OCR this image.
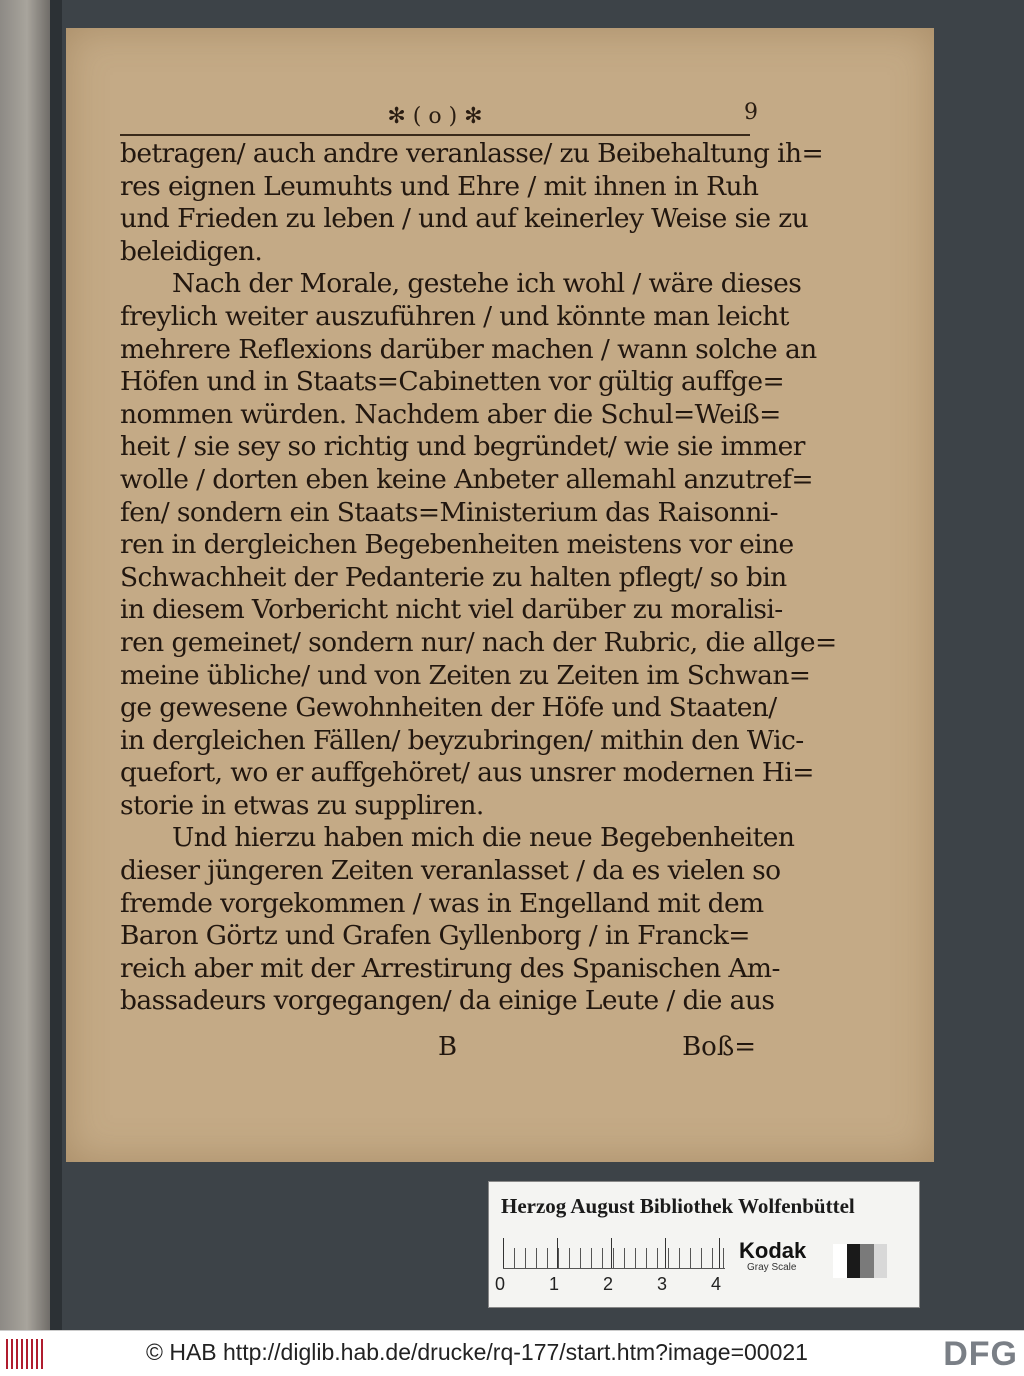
✻ ( o ) ✻	9
betragen/ auch andre veranlasse/ zu Beibehaltung ih=
res eignen Leumuhts und Ehre / mit ihnen in Ruh
und Frieden zu leben / und auf keinerley Weise sie zu
beleidigen.
Nach der Morale, gestehe ich wohl / wäre dieses
freylich weiter auszuführen / und könnte man leicht
mehrere Reflexions darüber machen / wann solche an
Höfen und in Staats=Cabinetten vor gültig auffge=
nommen würden. Nachdem aber die Schul=Weiß=
heit / sie sey so richtig und begründet/ wie sie immer
wolle / dorten eben keine Anbeter allemahl anzutref=
fen/ sondern ein Staats=Ministerium das Raisonni-
ren in dergleichen Begebenheiten meistens vor eine
Schwachheit der Pedanterie zu halten pflegt/ so bin
in diesem Vorbericht nicht viel darüber zu moralisi-
ren gemeinet/ sondern nur/ nach der Rubric, die allge=
meine übliche/ und von Zeiten zu Zeiten im Schwan=
ge gewesene Gewohnheiten der Höfe und Staaten/
in dergleichen Fällen/ beyzubringen/ mithin den Wic-
quefort, wo er auffgehöret/ aus unsrer modernen Hi=
storie in etwas zu suppliren.
Und hierzu haben mich die neue Begebenheiten
dieser jüngeren Zeiten veranlasset / da es vielen so
fremde vorgekommen / was in Engelland mit dem
Baron Görtz und Grafen Gyllenborg / in Franck=
reich aber mit der Arrestirung des Spanischen Am-
bassadeurs vorgegangen/ da einige Leute / die aus
B	Boß=
Herzog August Bibliothek Wolfenbüttel
0 1 2 3 4
Kodak
Gray Scale
© HAB http://diglib.hab.de/drucke/rq-177/start.htm?image=00021	DFG
